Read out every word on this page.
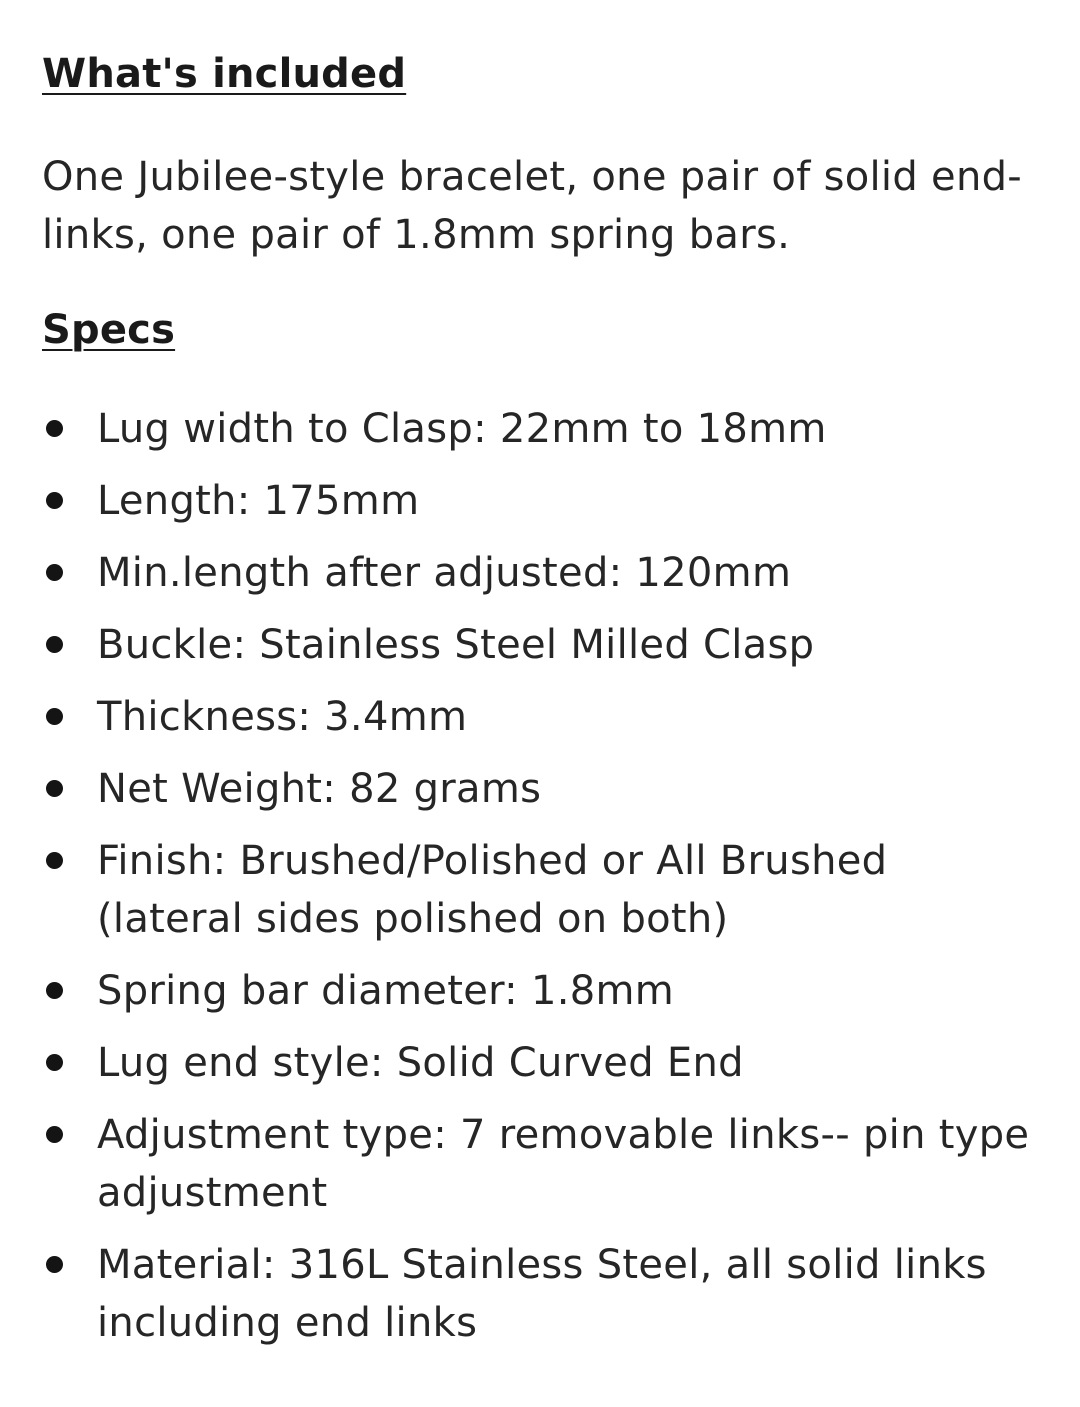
What's included

One Jubilee-style bracelet, one pair of solid end-links, one pair of 1.8mm spring bars.

Specs
Lug width to Clasp: 22mm to 18mm
Length: 175mm
Min.length after adjusted: 120mm
Buckle: Stainless Steel Milled Clasp
Thickness: 3.4mm
Net Weight: 82 grams
Finish: Brushed/Polished or All Brushed (lateral sides polished on both)
Spring bar diameter: 1.8mm
Lug end style: Solid Curved End
Adjustment type: 7 removable links-- pin type adjustment
Material: 316L Stainless Steel, all solid links including end links
